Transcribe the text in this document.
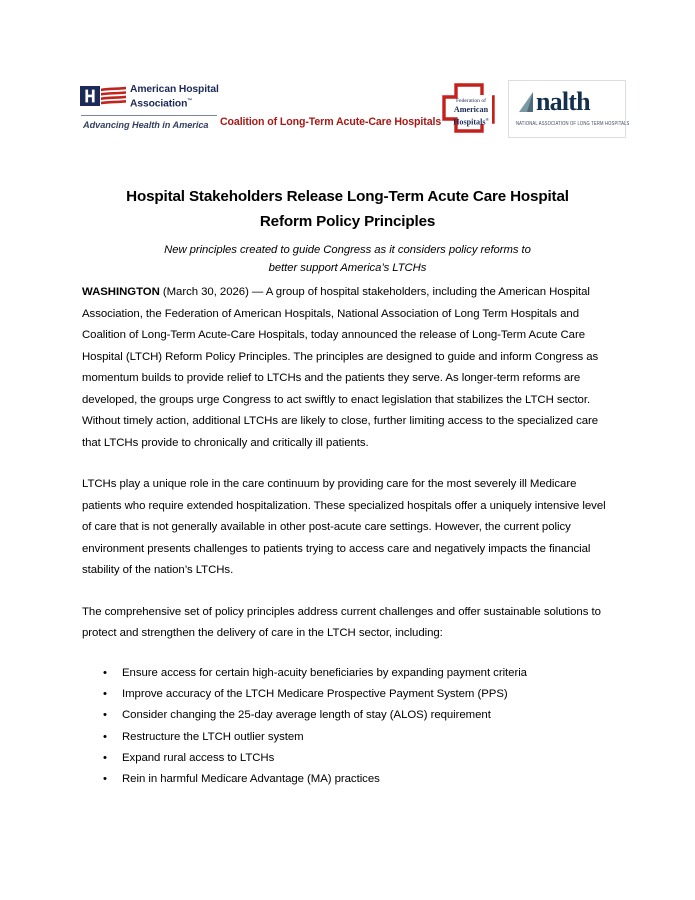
American Hospital
Association™
Advancing Health in America Coalition of Long-Term Acute-Care Hospitals
Federation of
American
Hospitals®
nalth
NATIONAL ASSOCIATION OF LONG TERM HOSPITALS
Hospital Stakeholders Release Long-Term Acute Care Hospital
Reform Policy Principles

New principles created to guide Congress as it considers policy reforms to
better support America’s LTCHs

WASHINGTON (March 30, 2026) — A group of hospital stakeholders, including the American Hospital Association, the Federation of American Hospitals, National Association of Long Term Hospitals and Coalition of Long-Term Acute-Care Hospitals, today announced the release of Long-Term Acute Care Hospital (LTCH) Reform Policy Principles. The principles are designed to guide and inform Congress as momentum builds to provide relief to LTCHs and the patients they serve. As longer-term reforms are developed, the groups urge Congress to act swiftly to enact legislation that stabilizes the LTCH sector. Without timely action, additional LTCHs are likely to close, further limiting access to the specialized care that LTCHs provide to chronically and critically ill patients.

LTCHs play a unique role in the care continuum by providing care for the most severely ill Medicare patients who require extended hospitalization. These specialized hospitals offer a uniquely intensive level of care that is not generally available in other post-acute care settings. However, the current policy environment presents challenges to patients trying to access care and negatively impacts the financial stability of the nation’s LTCHs.

The comprehensive set of policy principles address current challenges and offer sustainable solutions to protect and strengthen the delivery of care in the LTCH sector, including:

• Ensure access for certain high-acuity beneficiaries by expanding payment criteria
• Improve accuracy of the LTCH Medicare Prospective Payment System (PPS)
• Consider changing the 25-day average length of stay (ALOS) requirement
• Restructure the LTCH outlier system
• Expand rural access to LTCHs
• Rein in harmful Medicare Advantage (MA) practices
